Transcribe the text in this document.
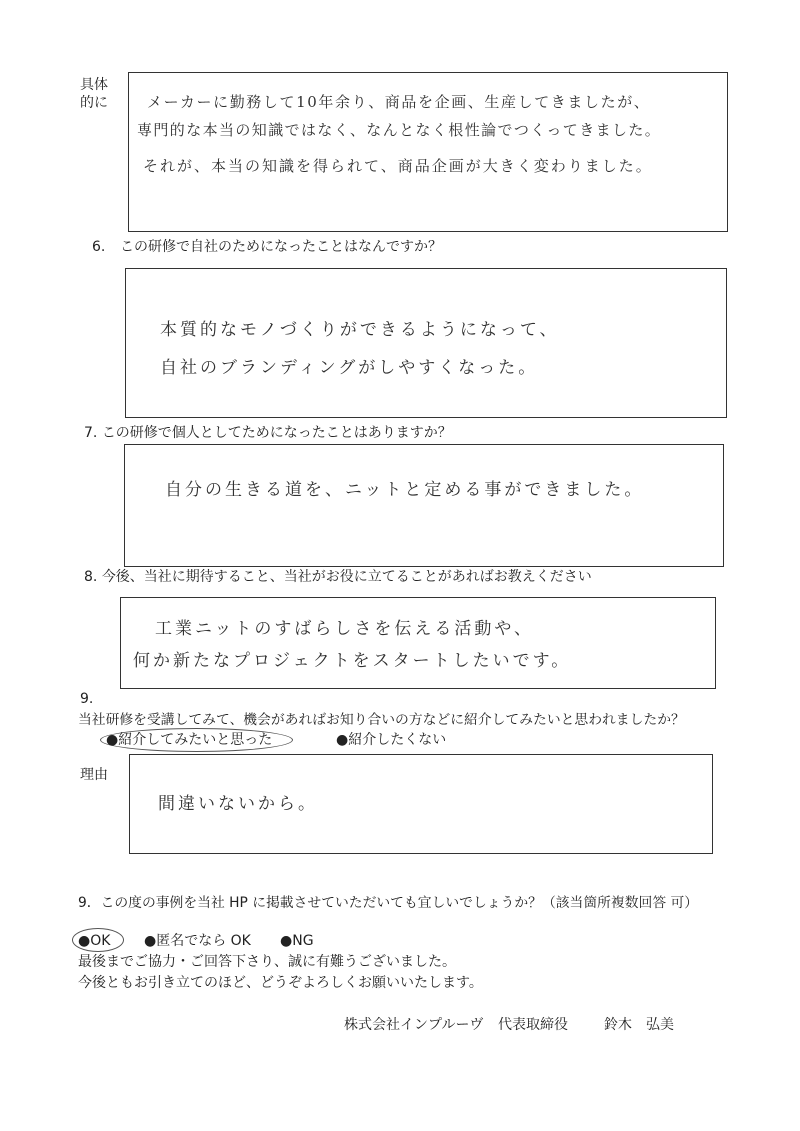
具体
的に	メーカーに勤務して10年余り、商品を企画、生産してきましたが、
専門的な本当の知識ではなく、なんとなく根性論でつくってきました。
それが、本当の知識を得られて、商品企画が大きく変わりました。
6. この研修で自社のためになったことはなんですか？
本質的なモノづくりができるようになって、
自社のブランディングがしやすくなった。
7. この研修で個人としてためになったことはありますか？
自分の生きる道を、ニットと定める事ができました。
8. 今後、当社に期待すること、当社がお役に立てることがあればお教えください
工業ニットのすばらしさを伝える活動や、
何か新たなプロジェクトをスタートしたいです。
9.
当社研修を受講してみて、機会があればお知り合いの方などに紹介してみたいと思われましたか？
●紹介してみたいと思った	●紹介したくない
理由
間違いないから。
9．この度の事例を当社 HP に掲載させていただいても宜しいでしょうか？（該当箇所複数回答 可）
●OK ●匿名でなら OK ●NG
最後までご協力・ご回答下さり、誠に有難うございました。
今後ともお引き立てのほど、どうぞよろしくお願いいたします。
株式会社インプルーヴ 代表取締役	鈴木　弘美
